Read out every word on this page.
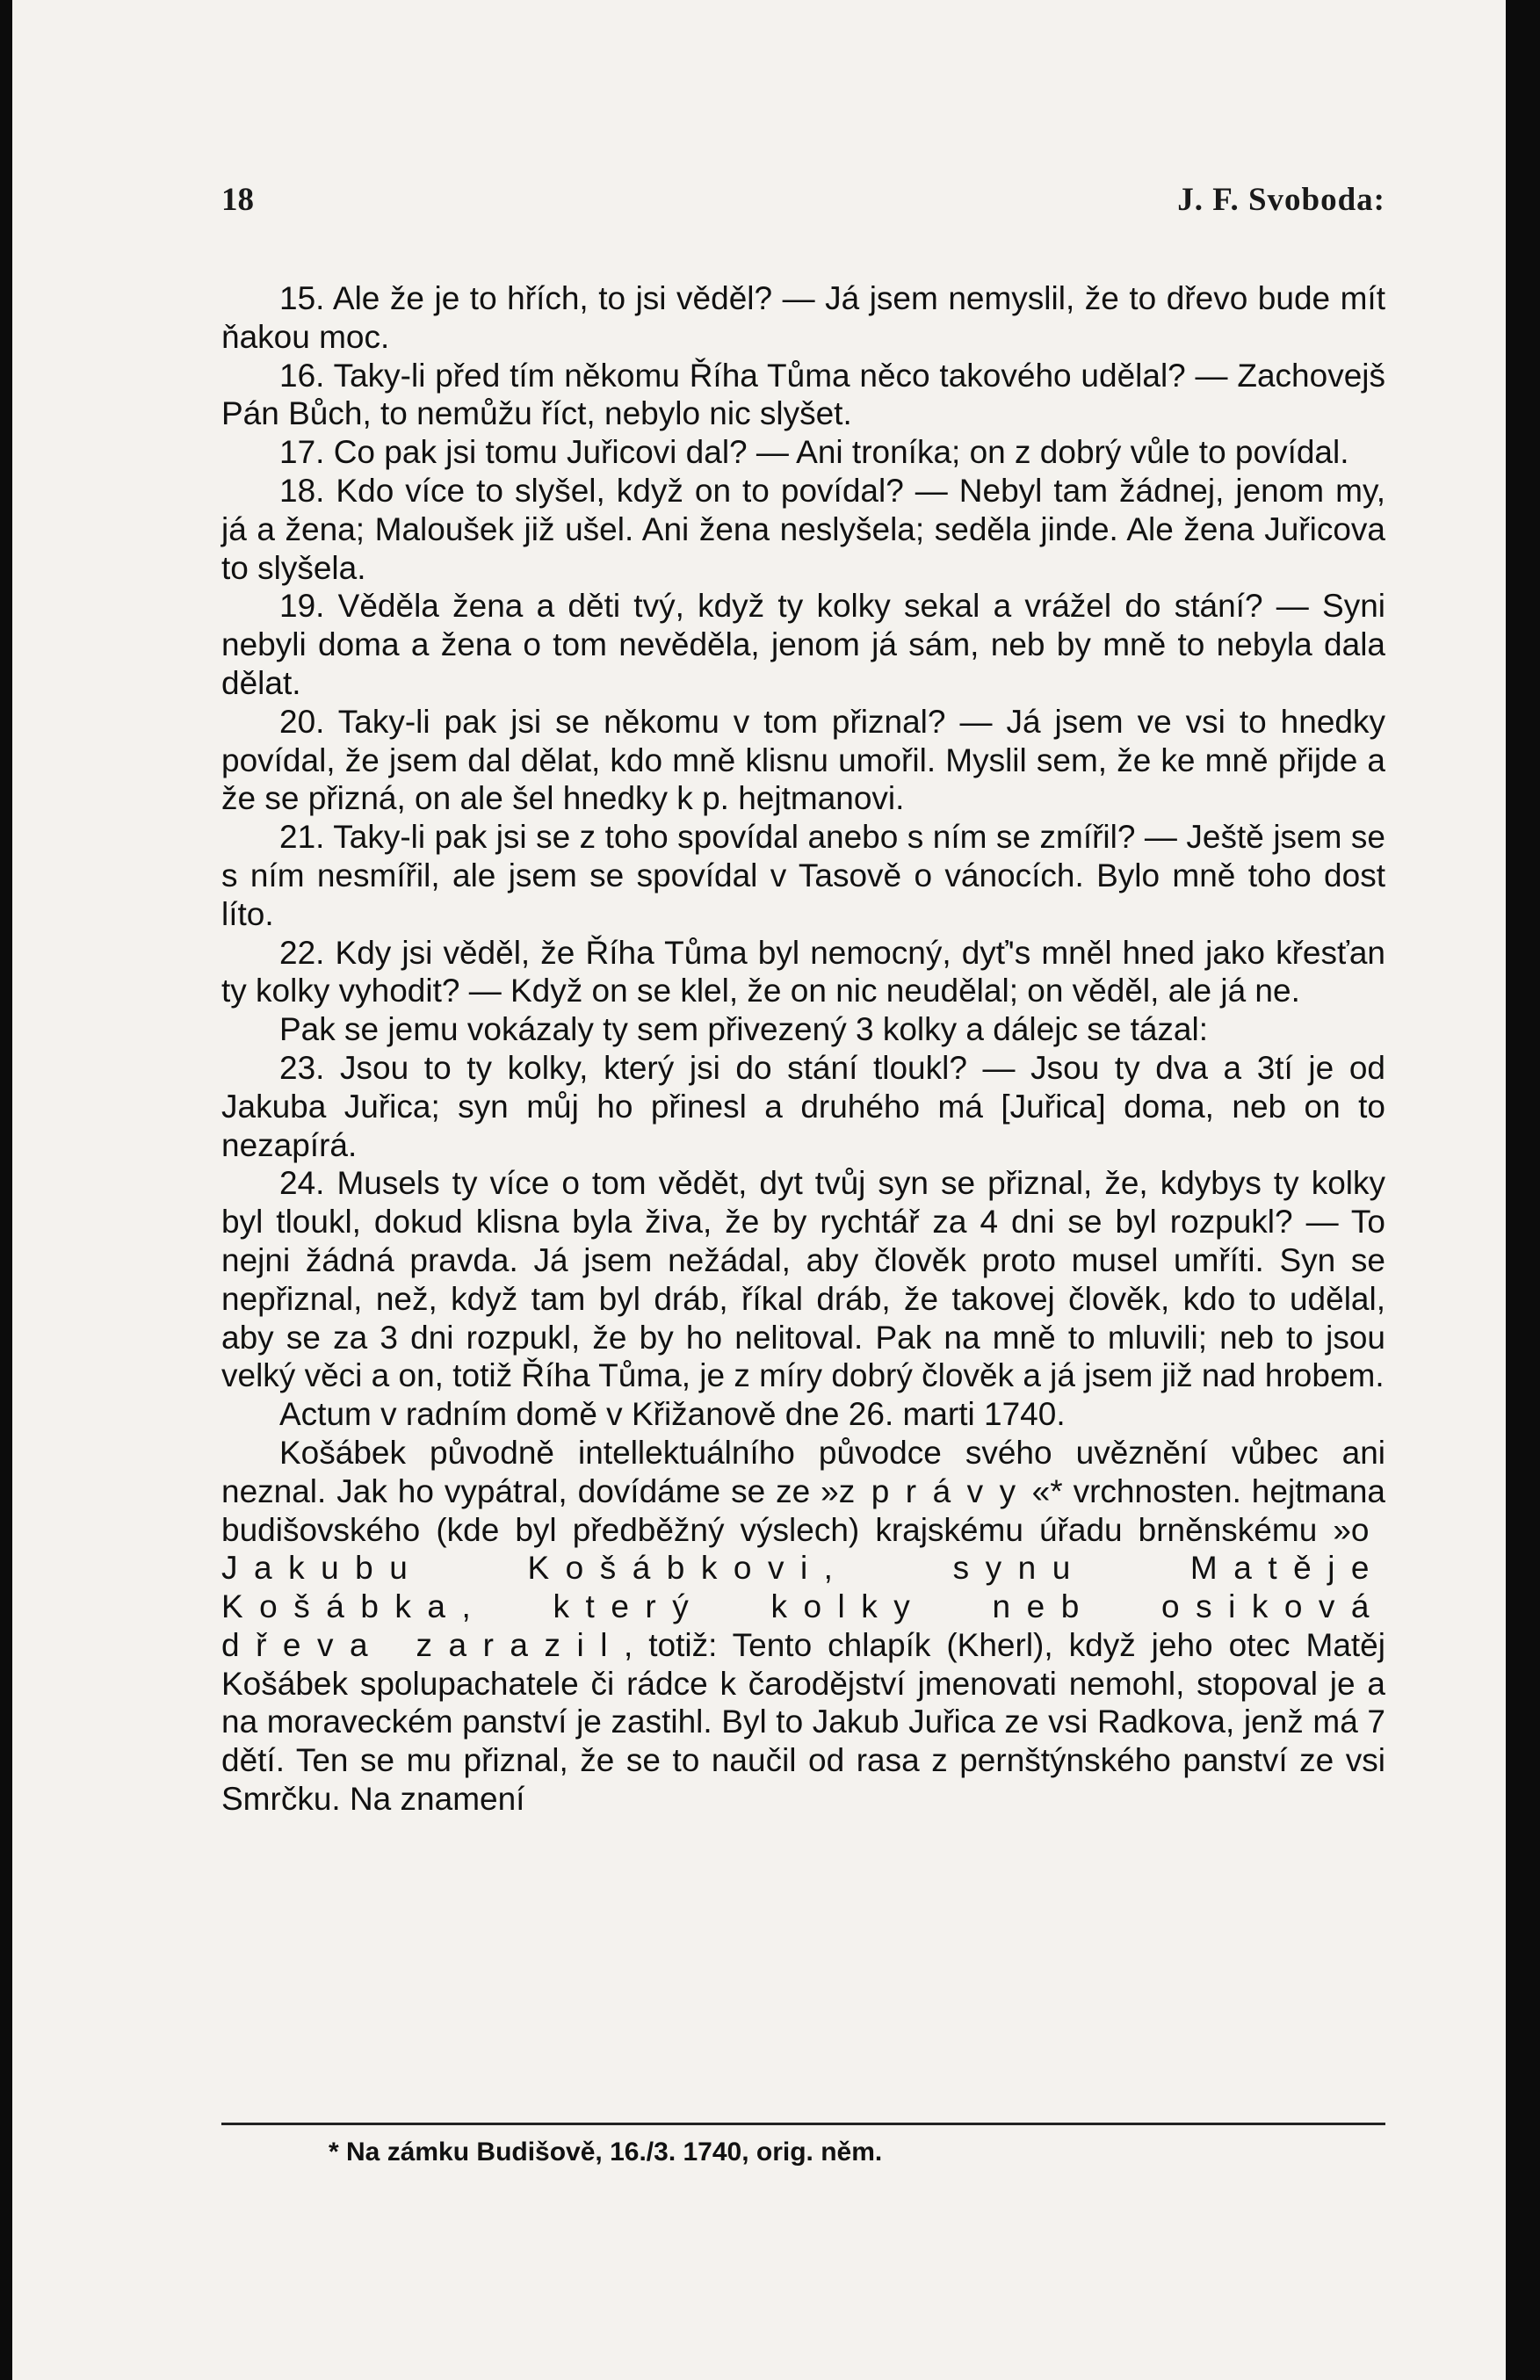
18	J. F. Svoboda:

15. Ale že je to hřích, to jsi věděl? — Já jsem nemyslil, že to dřevo bude mít ňakou moc.

16. Taky-li před tím někomu Říha Tůma něco takového udělal? — Zachovejš Pán Bůch, to nemůžu říct, nebylo nic slyšet.

17. Co pak jsi tomu Juřicovi dal? — Ani troníka; on z dobrý vůle to povídal.

18. Kdo více to slyšel, když on to povídal? — Nebyl tam žádnej, jenom my, já a žena; Maloušek již ušel. Ani žena neslyšela; seděla jinde. Ale žena Juřicova to slyšela.

19. Věděla žena a děti tvý, když ty kolky sekal a vrážel do stání? — Syni nebyli doma a žena o tom nevěděla, jenom já sám, neb by mně to nebyla dala dělat.

20. Taky-li pak jsi se někomu v tom přiznal? — Já jsem ve vsi to hnedky povídal, že jsem dal dělat, kdo mně klisnu umořil. Myslil sem, že ke mně přijde a že se přizná, on ale šel hnedky k p. hejtmanovi.

21. Taky-li pak jsi se z toho spovídal anebo s ním se zmířil? — Ještě jsem se s ním nesmířil, ale jsem se spovídal v Tasově o vánocích. Bylo mně toho dost líto.

22. Kdy jsi věděl, že Říha Tůma byl nemocný, dyť's mněl hned jako křesťan ty kolky vyhodit? — Když on se klel, že on nic neudělal; on věděl, ale já ne.

Pak se jemu vokázaly ty sem přivezený 3 kolky a dálejc se tázal:

23. Jsou to ty kolky, který jsi do stání tloukl? — Jsou ty dva a 3tí je od Jakuba Juřica; syn můj ho přinesl a druhého má [Juřica] doma, neb on to nezapírá.

24. Musels ty více o tom vědět, dyt tvůj syn se přiznal, že, kdybys ty kolky byl tloukl, dokud klisna byla živa, že by rychtář za 4 dni se byl rozpukl? — To nejni žádná pravda. Já jsem nežádal, aby člověk proto musel umříti. Syn se nepřiznal, než, když tam byl dráb, říkal dráb, že takovej člověk, kdo to udělal, aby se za 3 dni rozpukl, že by ho nelitoval. Pak na mně to mluvili; neb to jsou velký věci a on, totiž Říha Tůma, je z míry dobrý člověk a já jsem již nad hrobem.

Actum v radním domě v Křižanově dne 26. marti 1740.

Košábek původně intellektuálního původce svého uvěznění vůbec ani neznal. Jak ho vypátral, dovídáme se ze »zprávy«* vrchnosten. hejtmana budišovského (kde byl předběžný výslech) krajskému úřadu brněnskému »o Jakubu Košábkovi, synu Matěje Košábka, který kolky neb osiková dřeva zarazil, totiž: Tento chlapík (Kherl), když jeho otec Matěj Košábek spolupachatele či rádce k čarodějství jmenovati nemohl, stopoval je a na moraveckém panství je zastihl. Byl to Jakub Juřica ze vsi Radkova, jenž má 7 dětí. Ten se mu přiznal, že se to naučil od rasa z pernštýnského panství ze vsi Smrčku. Na znamení

* Na zámku Budišově, 16./3. 1740, orig. něm.
